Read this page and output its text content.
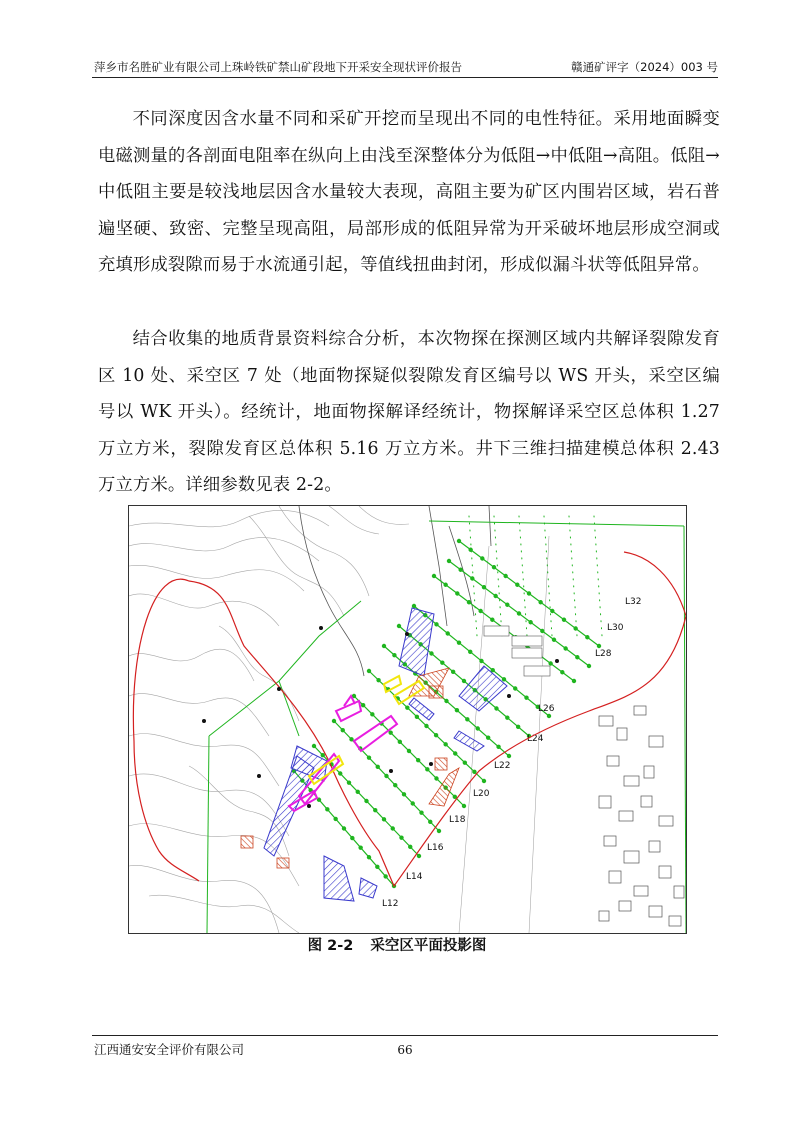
萍乡市名胜矿业有限公司上珠岭铁矿禁山矿段地下开采安全现状评价报告	赣通矿评字（2024）003 号

不同深度因含水量不同和采矿开挖而呈现出不同的电性特征。采用地面瞬变电磁测量的各剖面电阻率在纵向上由浅至深整体分为低阻→中低阻→高阻。低阻→中低阻主要是较浅地层因含水量较大表现，高阻主要为矿区内围岩区域，岩石普遍坚硬、致密、完整呈现高阻，局部形成的低阻异常为开采破坏地层形成空洞或充填形成裂隙而易于水流通引起，等值线扭曲封闭，形成似漏斗状等低阻异常。

结合收集的地质背景资料综合分析，本次物探在探测区域内共解译裂隙发育区 10 处、采空区 7 处（地面物探疑似裂隙发育区编号以 WS 开头，采空区编号以 WK 开头）。经统计，地面物探解译经统计，物探解译采空区总体积 1.27 万立方米，裂隙发育区总体积 5.16 万立方米。井下三维扫描建模总体积 2.43 万立方米。详细参数见表 2-2。

L32
L30
L28
L26
L24
L22
L20
L18
L16
L14
L12
图 2-2 采空区平面投影图
江西通安安全评价有限公司	66
